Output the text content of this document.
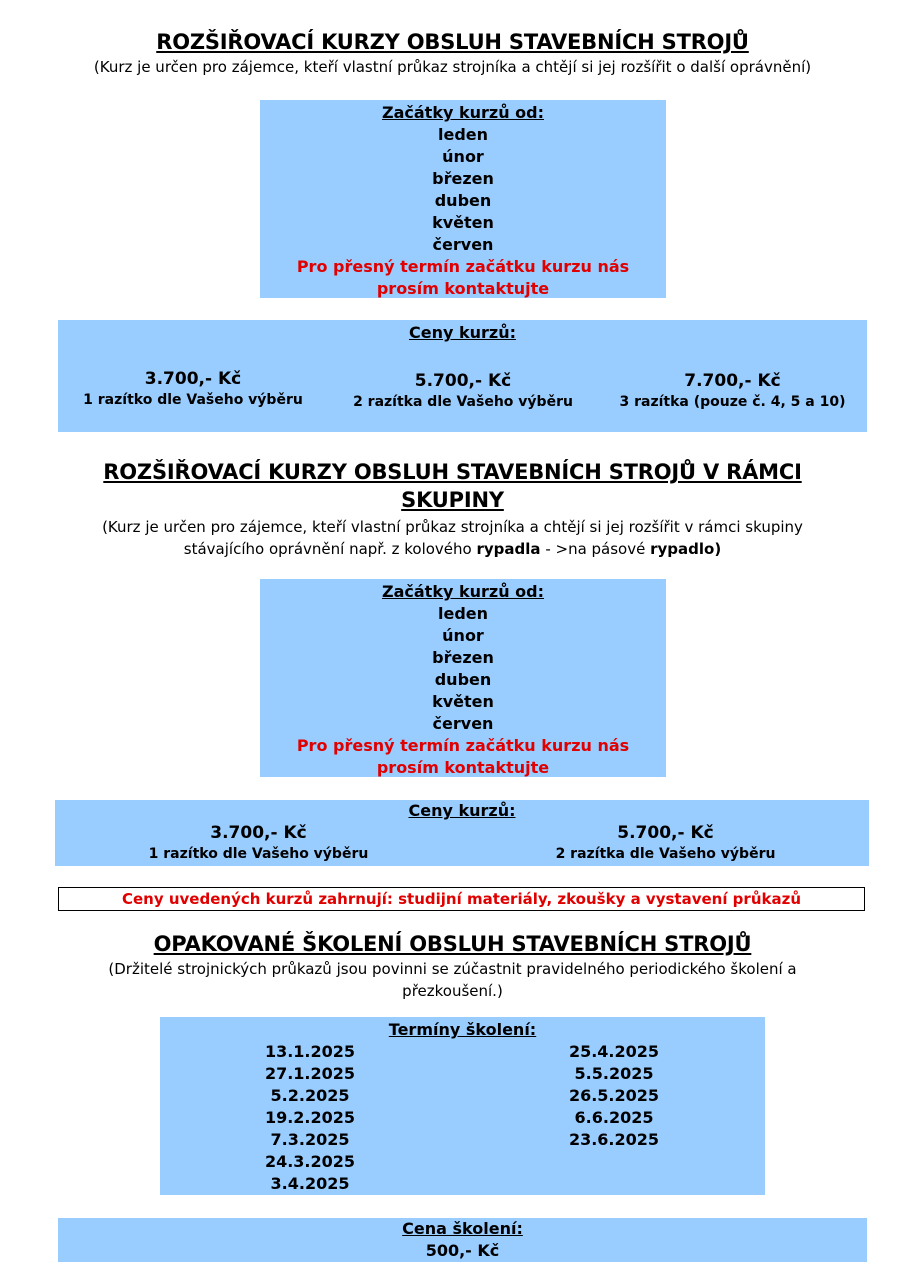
ROZŠIŘOVACÍ KURZY OBSLUH STAVEBNÍCH STROJŮ
(Kurz je určen pro zájemce, kteří vlastní průkaz strojníka a chtějí si jej rozšířit o další oprávnění)
Začátky kurzů od:
leden
únor
březen
duben
květen
červen
Pro přesný termín začátku kurzu nás
prosím kontaktujte
Ceny kurzů:
3.700,- Kč
1 razítko dle Vašeho výběru
5.700,- Kč
2 razítka dle Vašeho výběru
7.700,- Kč
3 razítka (pouze č. 4, 5 a 10)
ROZŠIŘOVACÍ KURZY OBSLUH STAVEBNÍCH STROJŮ V RÁMCI
SKUPINY
(Kurz je určen pro zájemce, kteří vlastní průkaz strojníka a chtějí si jej rozšířit v rámci skupiny
stávajícího oprávnění např. z kolového rypadla - >na pásové rypadlo)
Začátky kurzů od:
leden
únor
březen
duben
květen
červen
Pro přesný termín začátku kurzu nás
prosím kontaktujte
Ceny kurzů:
3.700,- Kč
1 razítko dle Vašeho výběru
5.700,- Kč
2 razítka dle Vašeho výběru
Ceny uvedených kurzů zahrnují: studijní materiály, zkoušky a vystavení průkazů
OPAKOVANÉ ŠKOLENÍ OBSLUH STAVEBNÍCH STROJŮ
(Držitelé strojnických průkazů jsou povinni se zúčastnit pravidelného periodického školení a
přezkoušení.)
Termíny školení:
13.1.2025
27.1.2025
5.2.2025
19.2.2025
7.3.2025
24.3.2025
3.4.2025
25.4.2025
5.5.2025
26.5.2025
6.6.2025
23.6.2025
Cena školení:
500,- Kč
